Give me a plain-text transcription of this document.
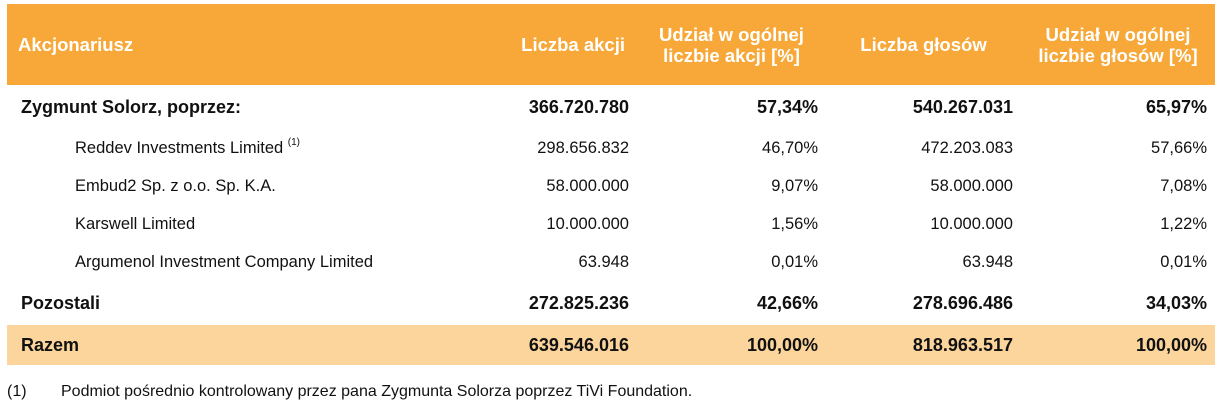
Akcjonariusz	Liczba akcji	Udział w ogólnej liczbie akcji [%]	Liczba głosów	Udział w ogólnej liczbie głosów [%]
Zygmunt Solorz, poprzez:	366.720.780	57,34%	540.267.031	65,97%
Reddev Investments Limited $^{(1)}$	298.656.832	46,70%	472.203.083	57,66%
Embud2 Sp. z o.o. Sp. K.A.	58.000.000	9,07%	58.000.000	7,08%
Karswell Limited	10.000.000	1,56%	10.000.000	1,22%
Argumenol Investment Company Limited	63.948	0,01%	63.948	0,01%
Pozostali	272.825.236	42,66%	278.696.486	34,03%
Razem	639.546.016	100,00%	818.963.517	100,00%
(1) Podmiot pośrednio kontrolowany przez pana Zygmunta Solorza poprzez TiVi Foundation.
